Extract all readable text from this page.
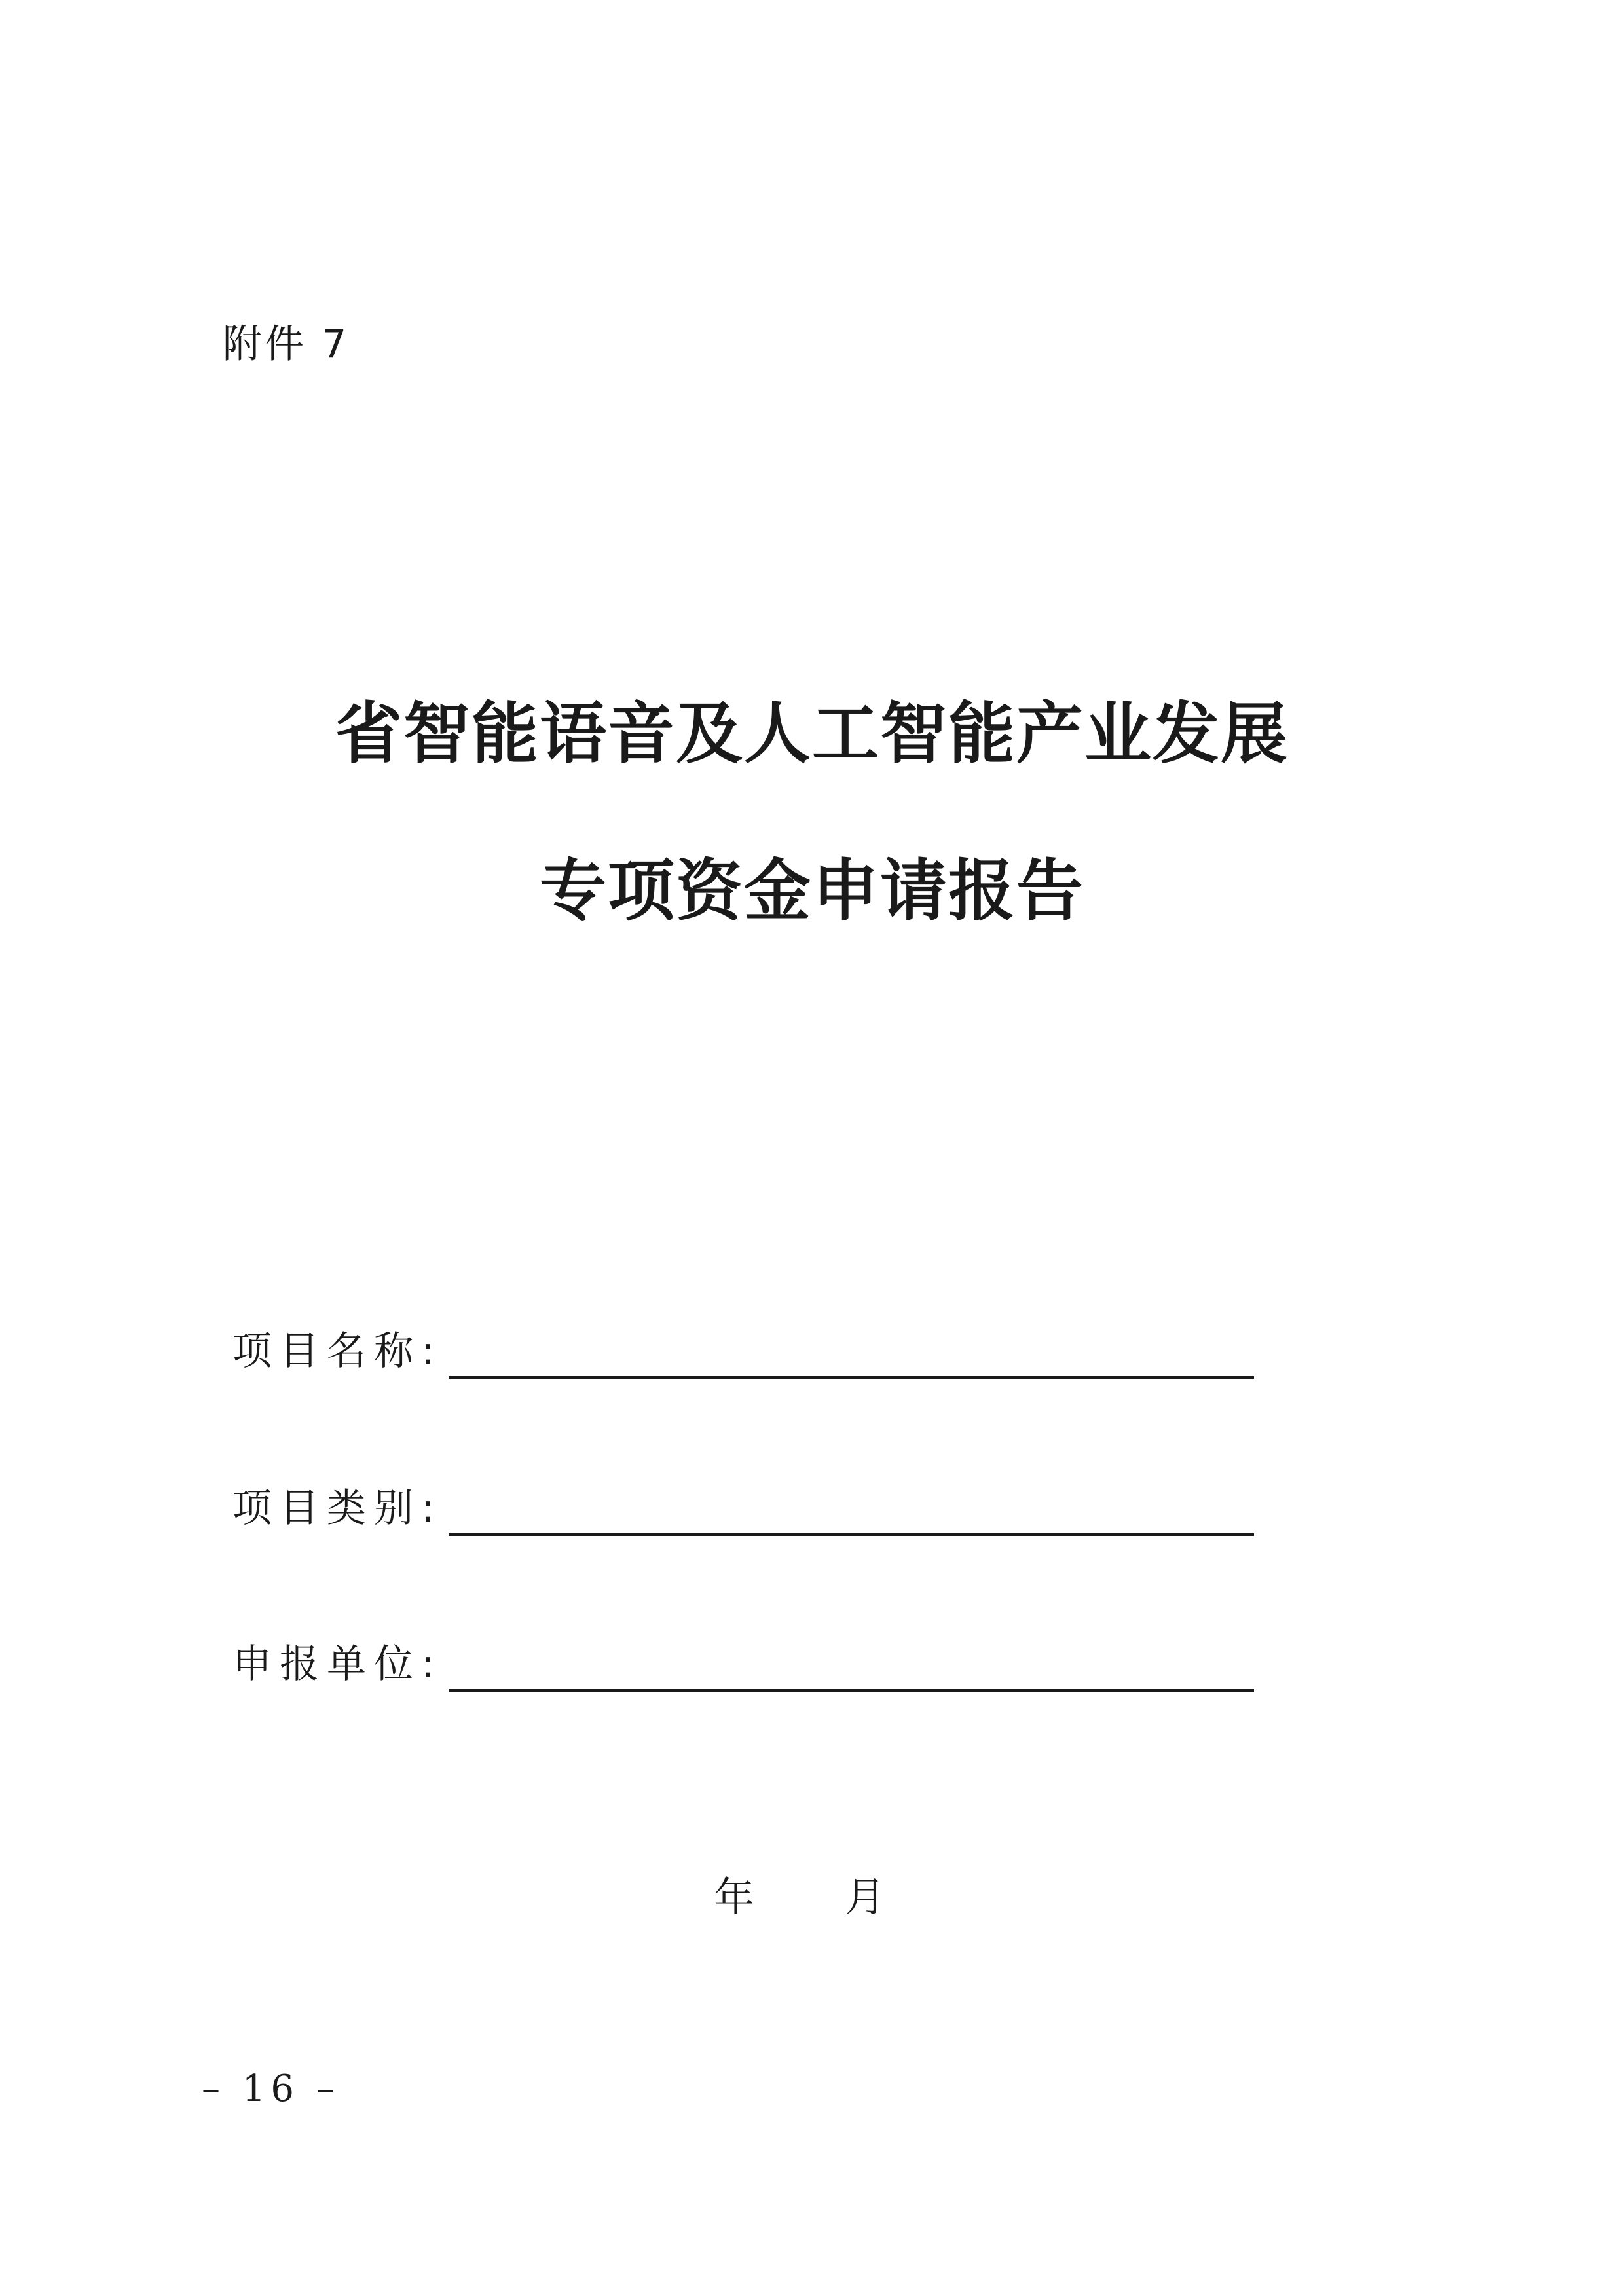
附件 7
省智能语音及人工智能产业发展
专项资金申请报告
项目名称:
项目类别:
申报单位:
年 月
– 16 –
